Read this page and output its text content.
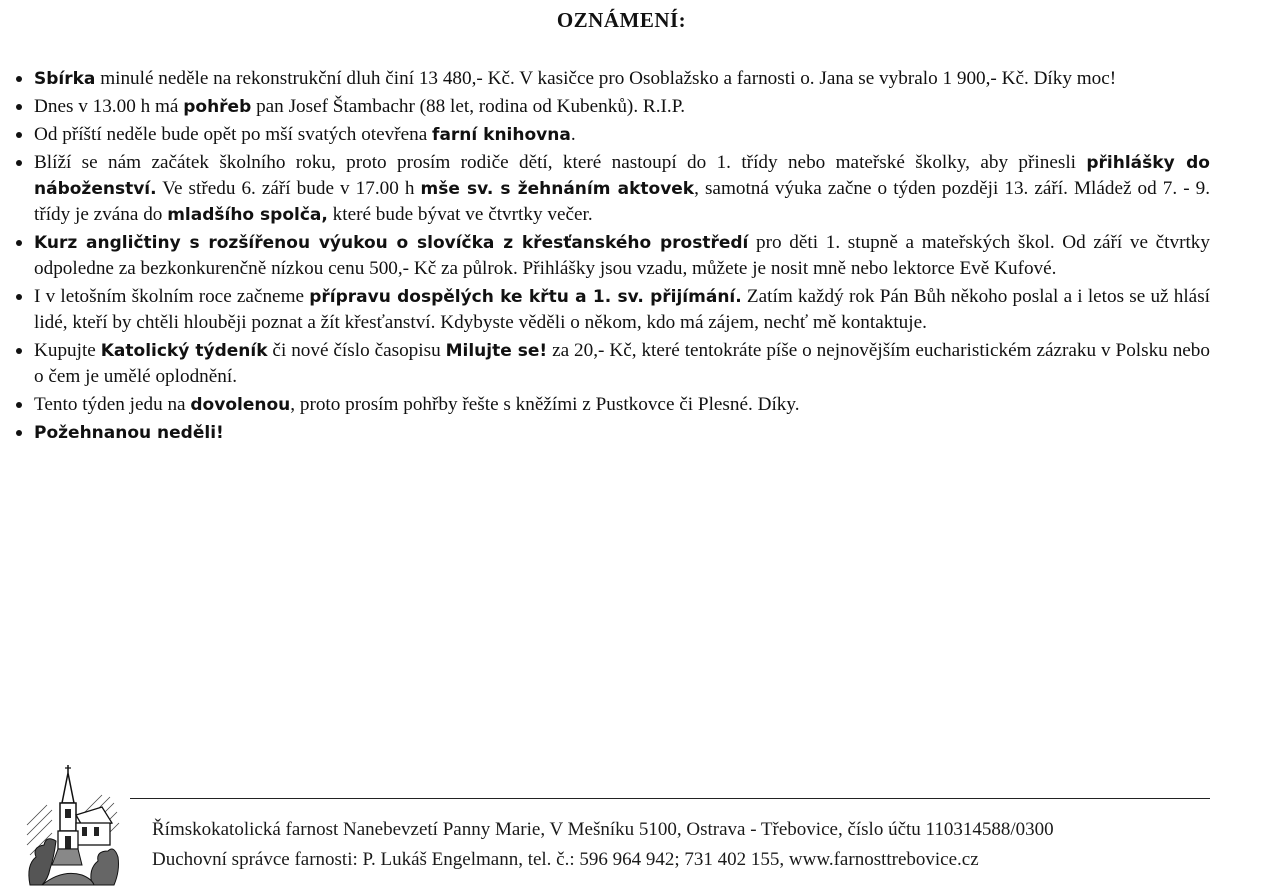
OZNÁMENÍ:
Sbírka minulé neděle na rekonstrukční dluh činí 13 480,- Kč. V kasičce pro Osoblažsko a farnosti o. Jana se vybralo 1 900,- Kč. Díky moc!
Dnes v 13.00 h má pohřeb pan Josef Štambachr (88 let, rodina od Kubenků). R.I.P.
Od příští neděle bude opět po mší svatých otevřena farní knihovna.
Blíží se nám začátek školního roku, proto prosím rodiče dětí, které nastoupí do 1. třídy nebo mateřské školky, aby přinesli přihlášky do náboženství. Ve středu 6. září bude v 17.00 h mše sv. s žehnáním aktovek, samotná výuka začne o týden později 13. září. Mládež od 7. - 9. třídy je zvána do mladšího spolča, které bude bývat ve čtvrtky večer.
Kurz angličtiny s rozšířenou výukou o slovíčka z křesťanského prostředí pro děti 1. stupně a mateřských škol. Od září ve čtvrtky odpoledne za bezkonkurenčně nízkou cenu 500,- Kč za půlrok. Přihlášky jsou vzadu, můžete je nosit mně nebo lektorce Evě Kufové.
I v letošním školním roce začneme přípravu dospělých ke křtu a 1. sv. přijímání. Zatím každý rok Pán Bůh někoho poslal a i letos se už hlásí lidé, kteří by chtěli hlouběji poznat a žít křesťanství. Kdybyste věděli o někom, kdo má zájem, nechť mě kontaktuje.
Kupujte Katolický týdeník či nové číslo časopisu Milujte se! za 20,- Kč, které tentokráte píše o nejnovějším eucharistickém zázraku v Polsku nebo o čem je umělé oplodnění.
Tento týden jedu na dovolenou, proto prosím pohřby řešte s kněžími z Pustkovce či Plesné. Díky.
Požehnanou neděli!
Římskokatolická farnost Nanebevzetí Panny Marie, V Mešníku 5100, Ostrava - Třebovice, číslo účtu 110314588/0300
Duchovní správce farnosti: P. Lukáš Engelmann, tel. č.: 596 964 942; 731 402 155, www.farnosttrebovice.cz
